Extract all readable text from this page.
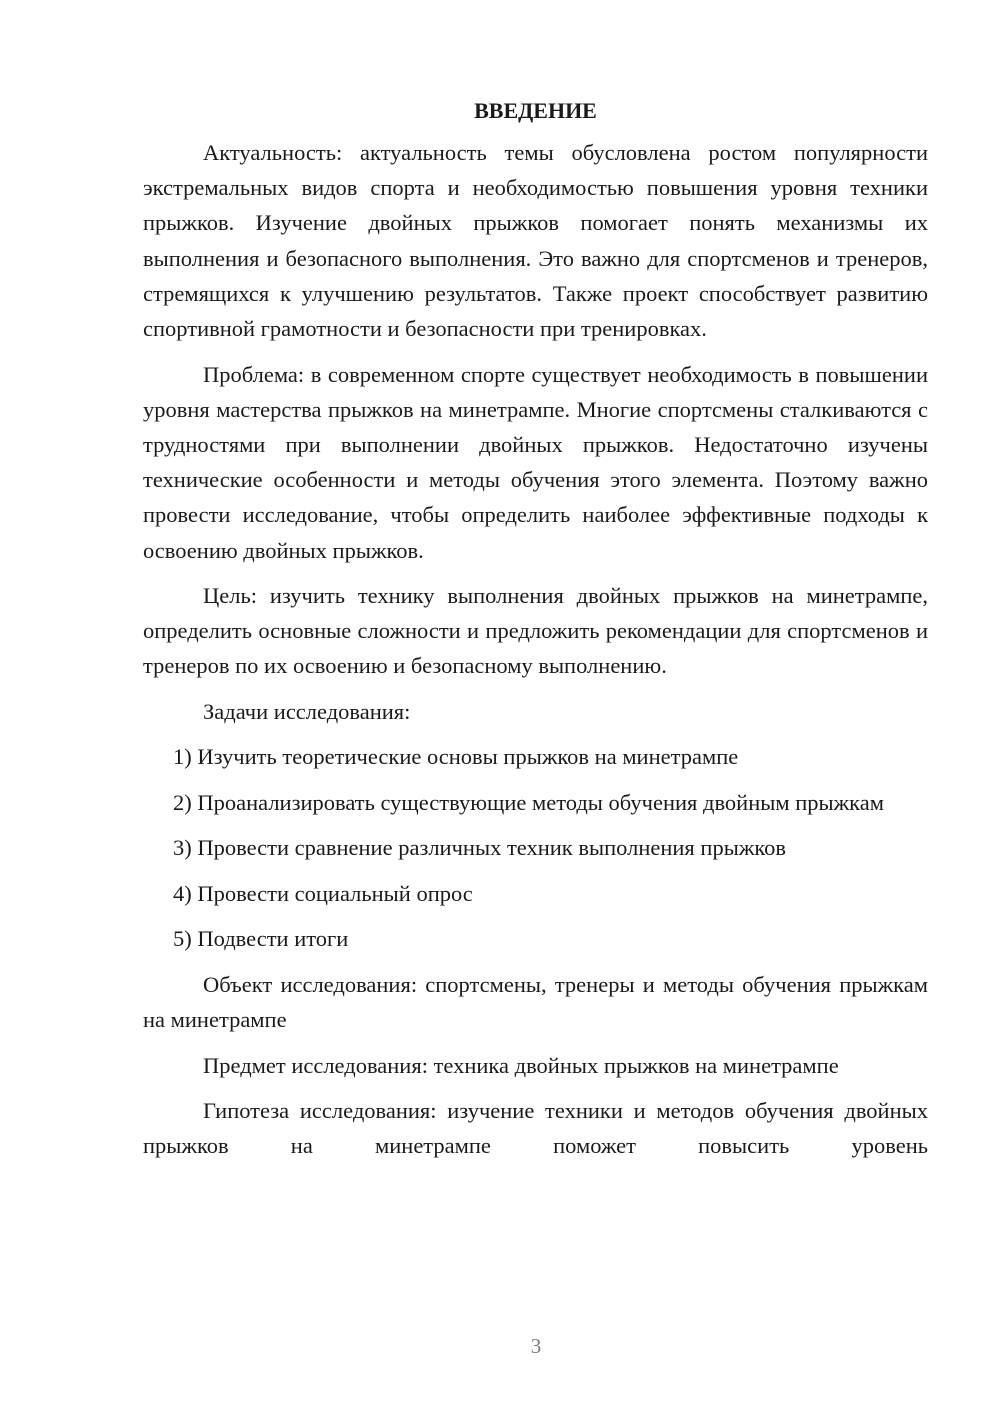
ВВЕДЕНИЕ

Актуальность: актуальность темы обусловлена ростом популярности экстремальных видов спорта и необходимостью повышения уровня техники прыжков. Изучение двойных прыжков помогает понять механизмы их выполнения и безопасного выполнения. Это важно для спортсменов и тренеров, стремящихся к улучшению результатов. Также проект способствует развитию спортивной грамотности и безопасности при тренировках.

Проблема: в современном спорте существует необходимость в повышении уровня мастерства прыжков на минетрампе. Многие спортсмены сталкиваются с трудностями при выполнении двойных прыжков. Недостаточно изучены технические особенности и методы обучения этого элемента. Поэтому важно провести исследование, чтобы определить наиболее эффективные подходы к освоению двойных прыжков.

Цель: изучить технику выполнения двойных прыжков на минетрампе, определить основные сложности и предложить рекомендации для спортсменов и тренеров по их освоению и безопасному выполнению.

Задачи исследования:

1) Изучить теоретические основы прыжков на минетрампе

2) Проанализировать существующие методы обучения двойным прыжкам

3) Провести сравнение различных техник выполнения прыжков

4) Провести социальный опрос

5) Подвести итоги

Объект исследования: спортсмены, тренеры и методы обучения прыжкам на минетрампе

Предмет исследования: техника двойных прыжков на минетрампе

Гипотеза исследования: изучение техники и методов обучения двойных прыжков на минетрампе поможет повысить уровень

3
